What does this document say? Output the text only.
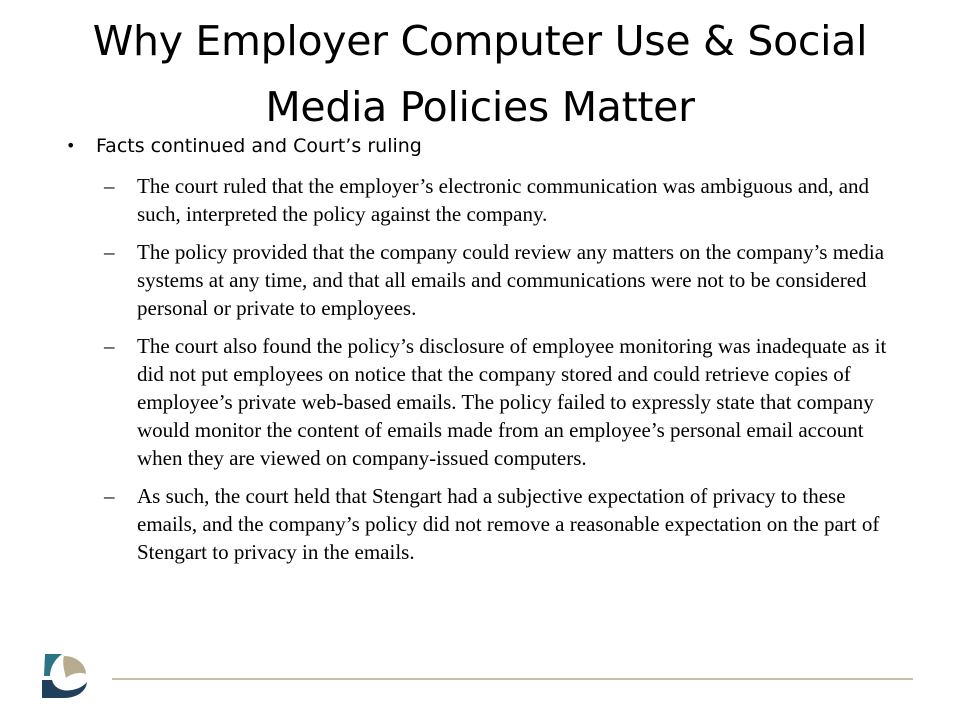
Why Employer Computer Use & Social Media Policies Matter
• Facts continued and Court’s ruling
– The court ruled that the employer’s electronic communication was ambiguous and, and such, interpreted the policy against the company.
– The policy provided that the company could review any matters on the company’s media systems at any time, and that all emails and communications were not to be considered personal or private to employees.
– The court also found the policy’s disclosure of employee monitoring was inadequate as it did not put employees on notice that the company stored and could retrieve copies of employee’s private web-based emails. The policy failed to expressly state that company would monitor the content of emails made from an employee’s personal email account when they are viewed on company-issued computers.
– As such, the court held that Stengart had a subjective expectation of privacy to these emails, and the company’s policy did not remove a reasonable expectation on the part of Stengart to privacy in the emails.
